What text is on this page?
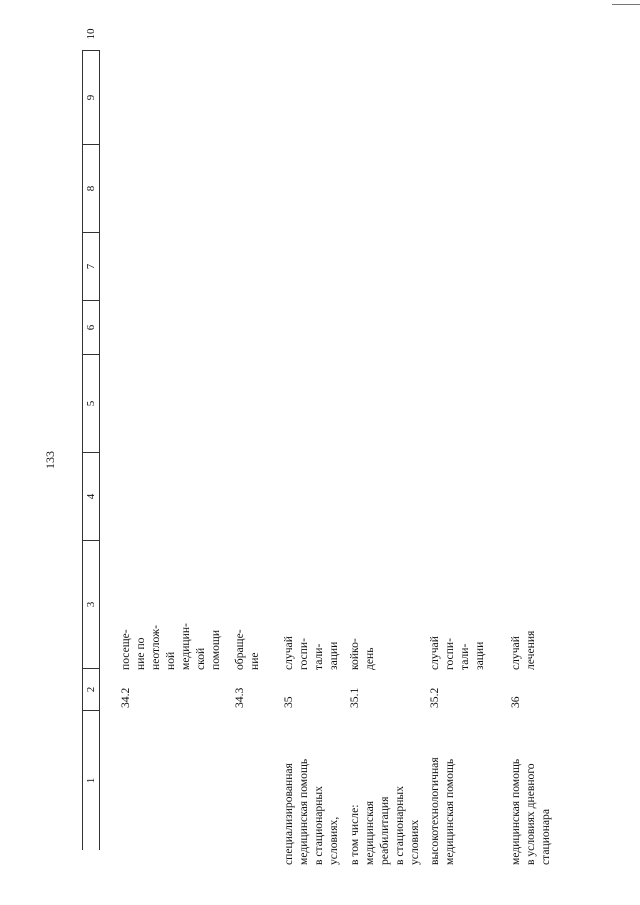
133
1
2
3
4
5
6
7
8
9
10
34.2
посеще-
ние по
неотлож-
ной
медицин-
ской
помощи
34.3
обраще-
ние
специализированная
медицинская помощь
в стационарных
условиях,
35
случай
госпи-
тали-
зации
в том числе:
медицинская
реабилитация
в стационарных
условиях
35.1
койко-
день
высокотехнологичная
медицинская помощь
35.2
случай
госпи-
тали-
зации
медицинская помощь
в условиях дневного
стационара
36
случай
лечения
